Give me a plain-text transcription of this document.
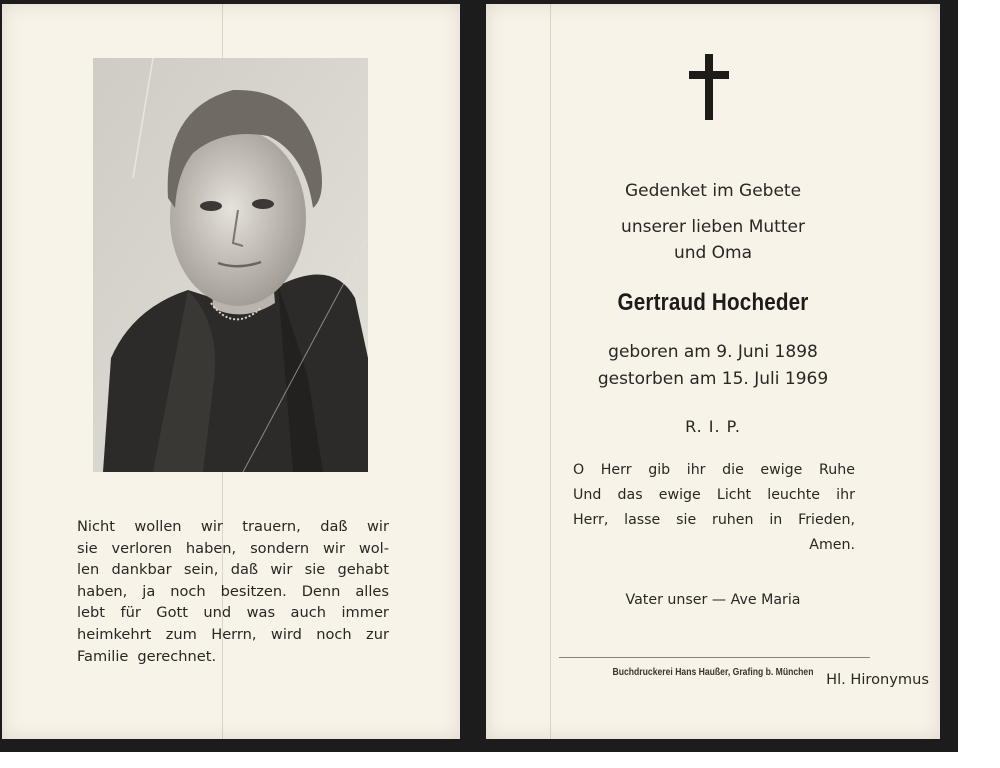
Nicht wollen wir trauern, daß wir
sie verloren haben, sondern wir wol-
len dankbar sein, daß wir sie gehabt
haben, ja noch besitzen. Denn alles
lebt für Gott und was auch immer
heimkehrt zum Herrn, wird noch zur
Familie gerechnet.
Hl. Hironymus
Gedenket im Gebete
unserer lieben Mutter
und Oma
Gertraud Hocheder
geboren am 9. Juni 1898
gestorben am 15. Juli 1969
R. I. P.
O Herr gib ihr die ewige Ruhe
Und das ewige Licht leuchte ihr
Herr, lasse sie ruhen in Frieden,
Amen.
Vater unser — Ave Maria
Buchdruckerei Hans Haußer, Grafing b. München
